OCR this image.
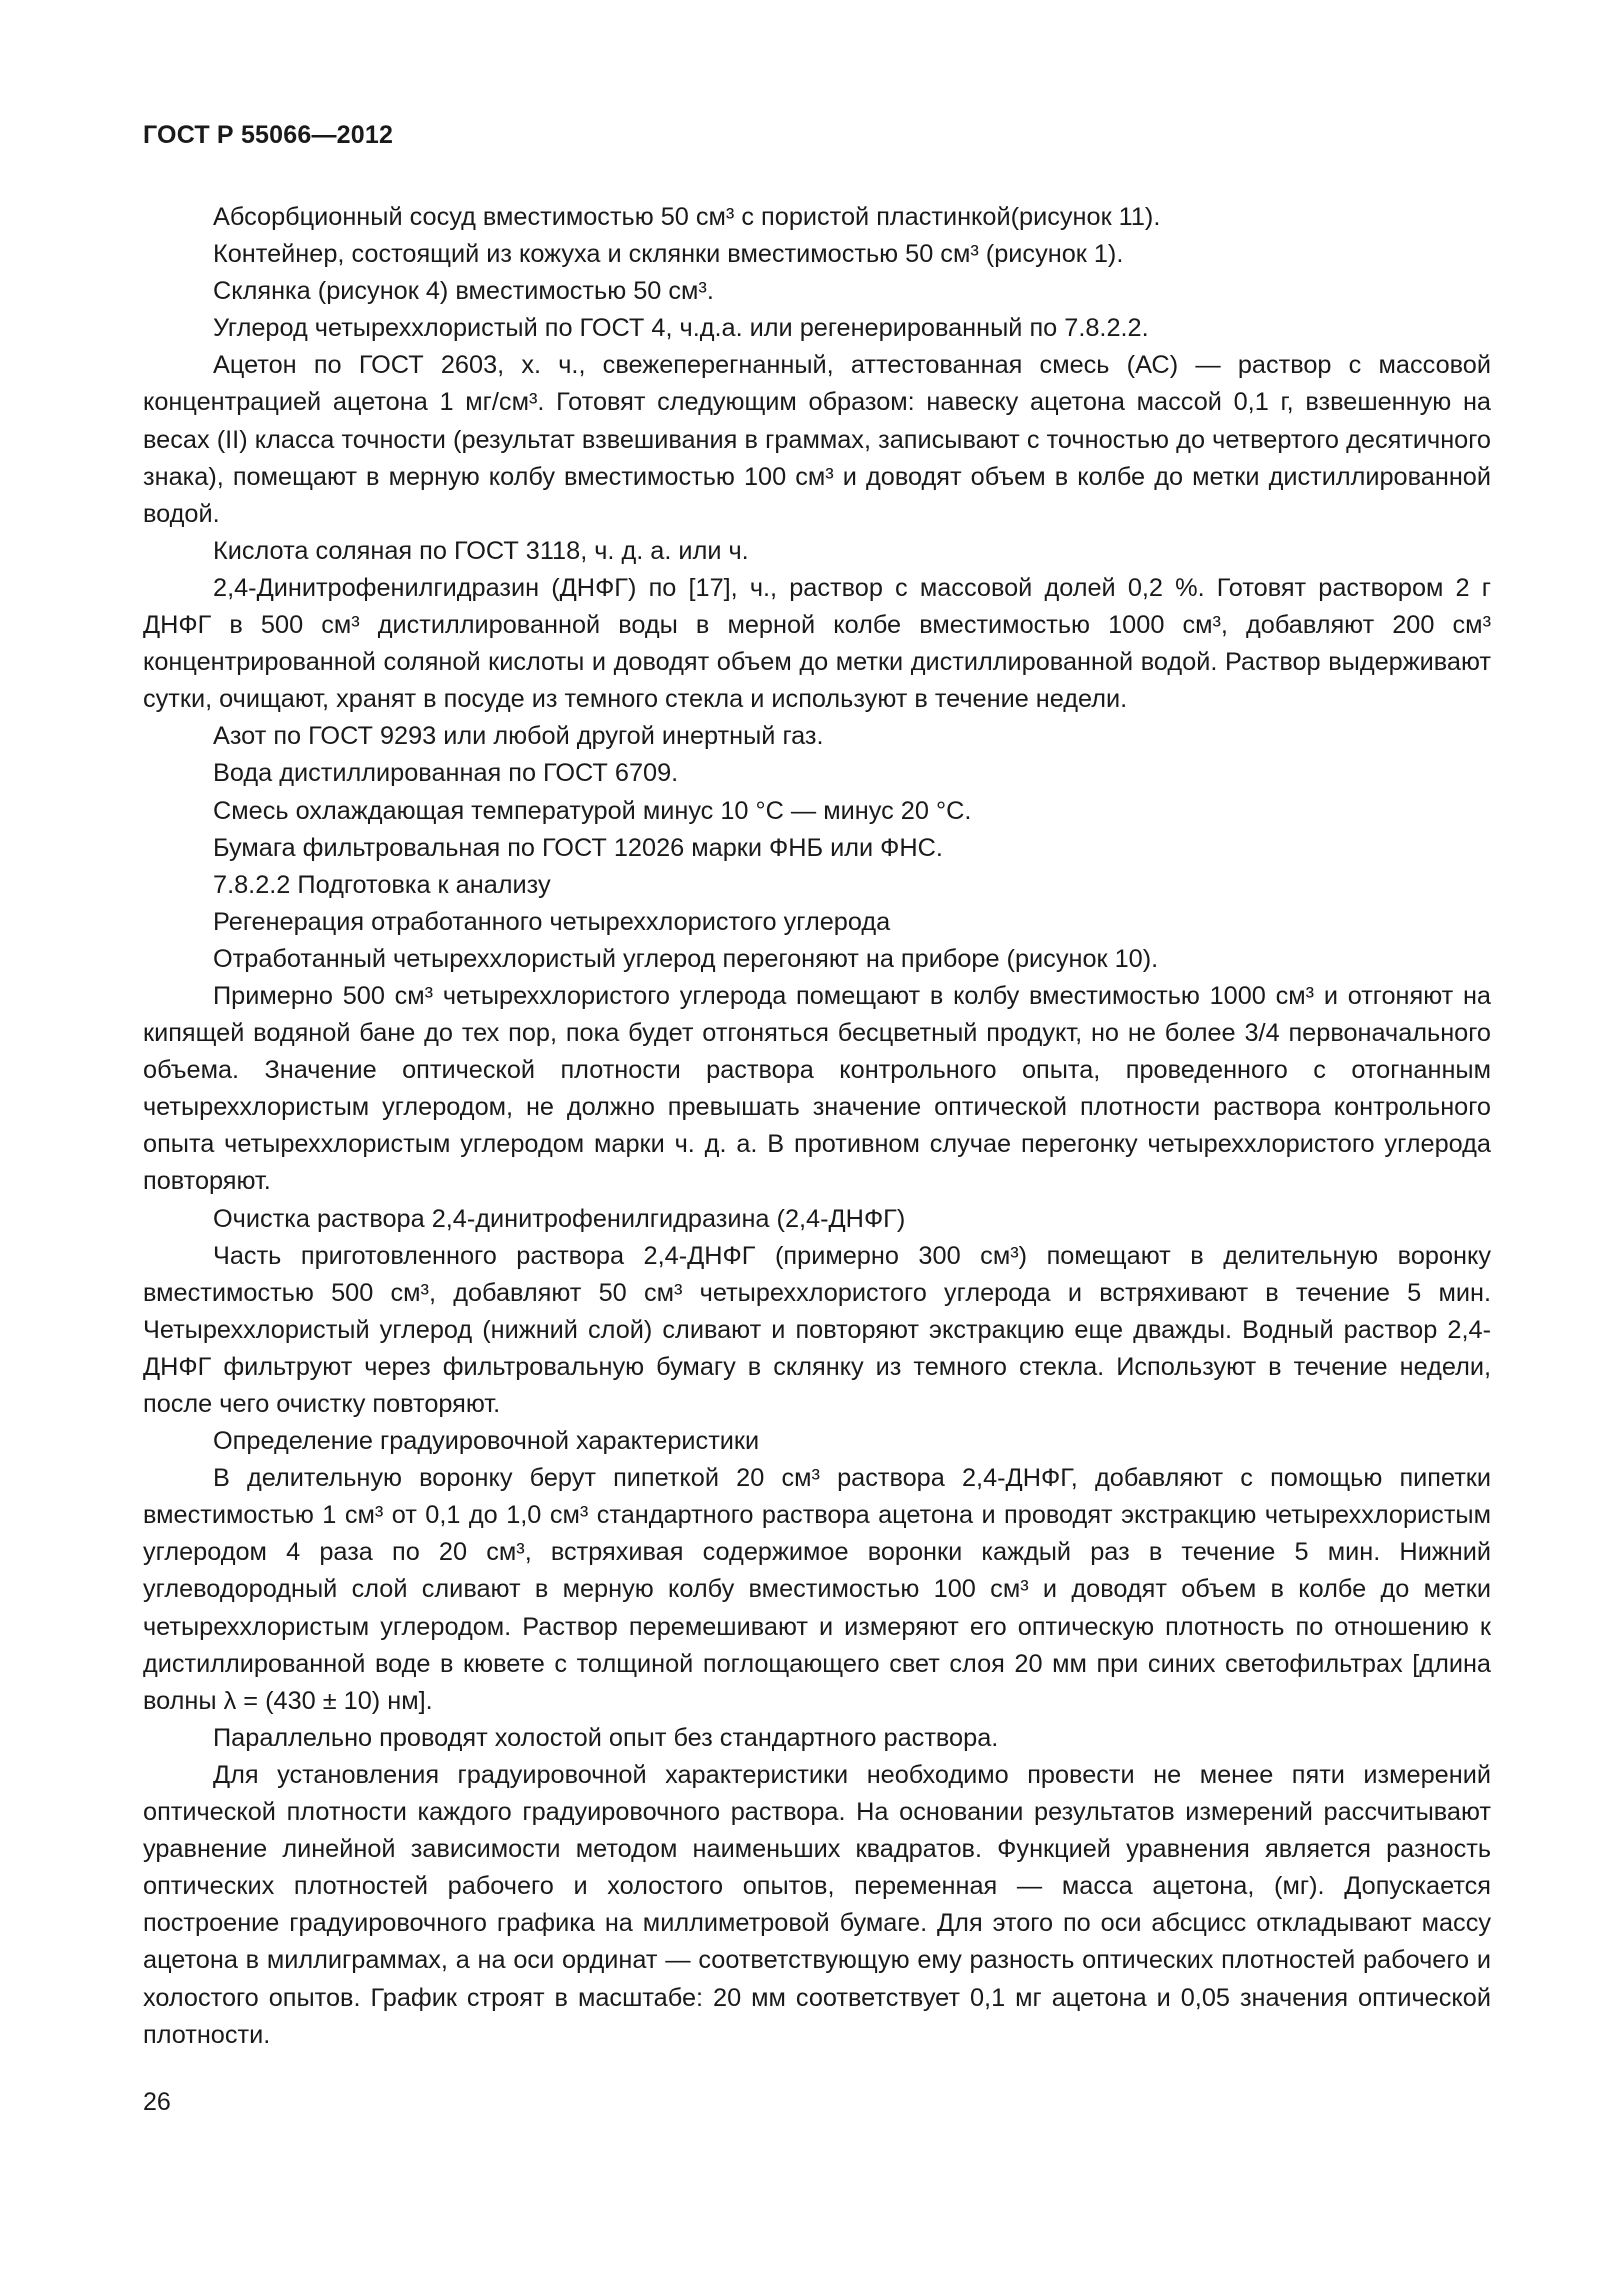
ГОСТ Р 55066—2012

Абсорбционный сосуд вместимостью 50 см³ с пористой пластинкой(рисунок 11).

Контейнер, состоящий из кожуха и склянки вместимостью 50 см³ (рисунок 1).

Склянка (рисунок 4) вместимостью 50 см³.

Углерод четыреххлористый по ГОСТ 4, ч.д.а. или регенерированный по 7.8.2.2.

Ацетон по ГОСТ 2603, х. ч., свежеперегнанный, аттестованная смесь (АС) — раствор с массовой концентрацией ацетона 1 мг/см³. Готовят следующим образом: навеску ацетона массой 0,1 г, взвешенную на весах (II) класса точности (результат взвешивания в граммах, записывают с точностью до четвертого десятичного знака), помещают в мерную колбу вместимостью 100 см³ и доводят объем в колбе до метки дистиллированной водой.

Кислота соляная по ГОСТ 3118, ч. д. а. или ч.

2,4-Динитрофенилгидразин (ДНФГ) по [17], ч., раствор с массовой долей 0,2 %. Готовят раствором 2 г ДНФГ в 500 см³ дистиллированной воды в мерной колбе вместимостью 1000 см³, добавляют 200 см³ концентрированной соляной кислоты и доводят объем до метки дистиллированной водой. Раствор выдерживают сутки, очищают, хранят в посуде из темного стекла и используют в течение недели.

Азот по ГОСТ 9293 или любой другой инертный газ.

Вода дистиллированная по ГОСТ 6709.

Смесь охлаждающая температурой минус 10 °С — минус 20 °С.

Бумага фильтровальная по ГОСТ 12026 марки ФНБ или ФНС.

7.8.2.2 Подготовка к анализу

Регенерация отработанного четыреххлористого углерода

Отработанный четыреххлористый углерод перегоняют на приборе (рисунок 10).

Примерно 500 см³ четыреххлористого углерода помещают в колбу вместимостью 1000 см³ и отгоняют на кипящей водяной бане до тех пор, пока будет отгоняться бесцветный продукт, но не более 3/4 первоначального объема. Значение оптической плотности раствора контрольного опыта, проведенного с отогнанным четыреххлористым углеродом, не должно превышать значение оптической плотности раствора контрольного опыта четыреххлористым углеродом марки ч. д. а. В противном случае перегонку четыреххлористого углерода повторяют.

Очистка раствора 2,4-динитрофенилгидразина (2,4-ДНФГ)

Часть приготовленного раствора 2,4-ДНФГ (примерно 300 см³) помещают в делительную воронку вместимостью 500 см³, добавляют 50 см³ четыреххлористого углерода и встряхивают в течение 5 мин. Четыреххлористый углерод (нижний слой) сливают и повторяют экстракцию еще дважды. Водный раствор 2,4-ДНФГ фильтруют через фильтровальную бумагу в склянку из темного стекла. Используют в течение недели, после чего очистку повторяют.

Определение градуировочной характеристики

В делительную воронку берут пипеткой 20 см³ раствора 2,4-ДНФГ, добавляют с помощью пипетки вместимостью 1 см³ от 0,1 до 1,0 см³ стандартного раствора ацетона и проводят экстракцию четыреххлористым углеродом 4 раза по 20 см³, встряхивая содержимое воронки каждый раз в течение 5 мин. Нижний углеводородный слой сливают в мерную колбу вместимостью 100 см³ и доводят объем в колбе до метки четыреххлористым углеродом. Раствор перемешивают и измеряют его оптическую плотность по отношению к дистиллированной воде в кювете с толщиной поглощающего свет слоя 20 мм при синих светофильтрах [длина волны λ = (430 ± 10) нм].

Параллельно проводят холостой опыт без стандартного раствора.

Для установления градуировочной характеристики необходимо провести не менее пяти измерений оптической плотности каждого градуировочного раствора. На основании результатов измерений рассчитывают уравнение линейной зависимости методом наименьших квадратов. Функцией уравнения является разность оптических плотностей рабочего и холостого опытов, переменная — масса ацетона, (мг). Допускается построение градуировочного графика на миллиметровой бумаге. Для этого по оси абсцисс откладывают массу ацетона в миллиграммах, а на оси ординат — соответствующую ему разность оптических плотностей рабочего и холостого опытов. График строят в масштабе: 20 мм соответствует 0,1 мг ацетона и 0,05 значения оптической плотности.

26
